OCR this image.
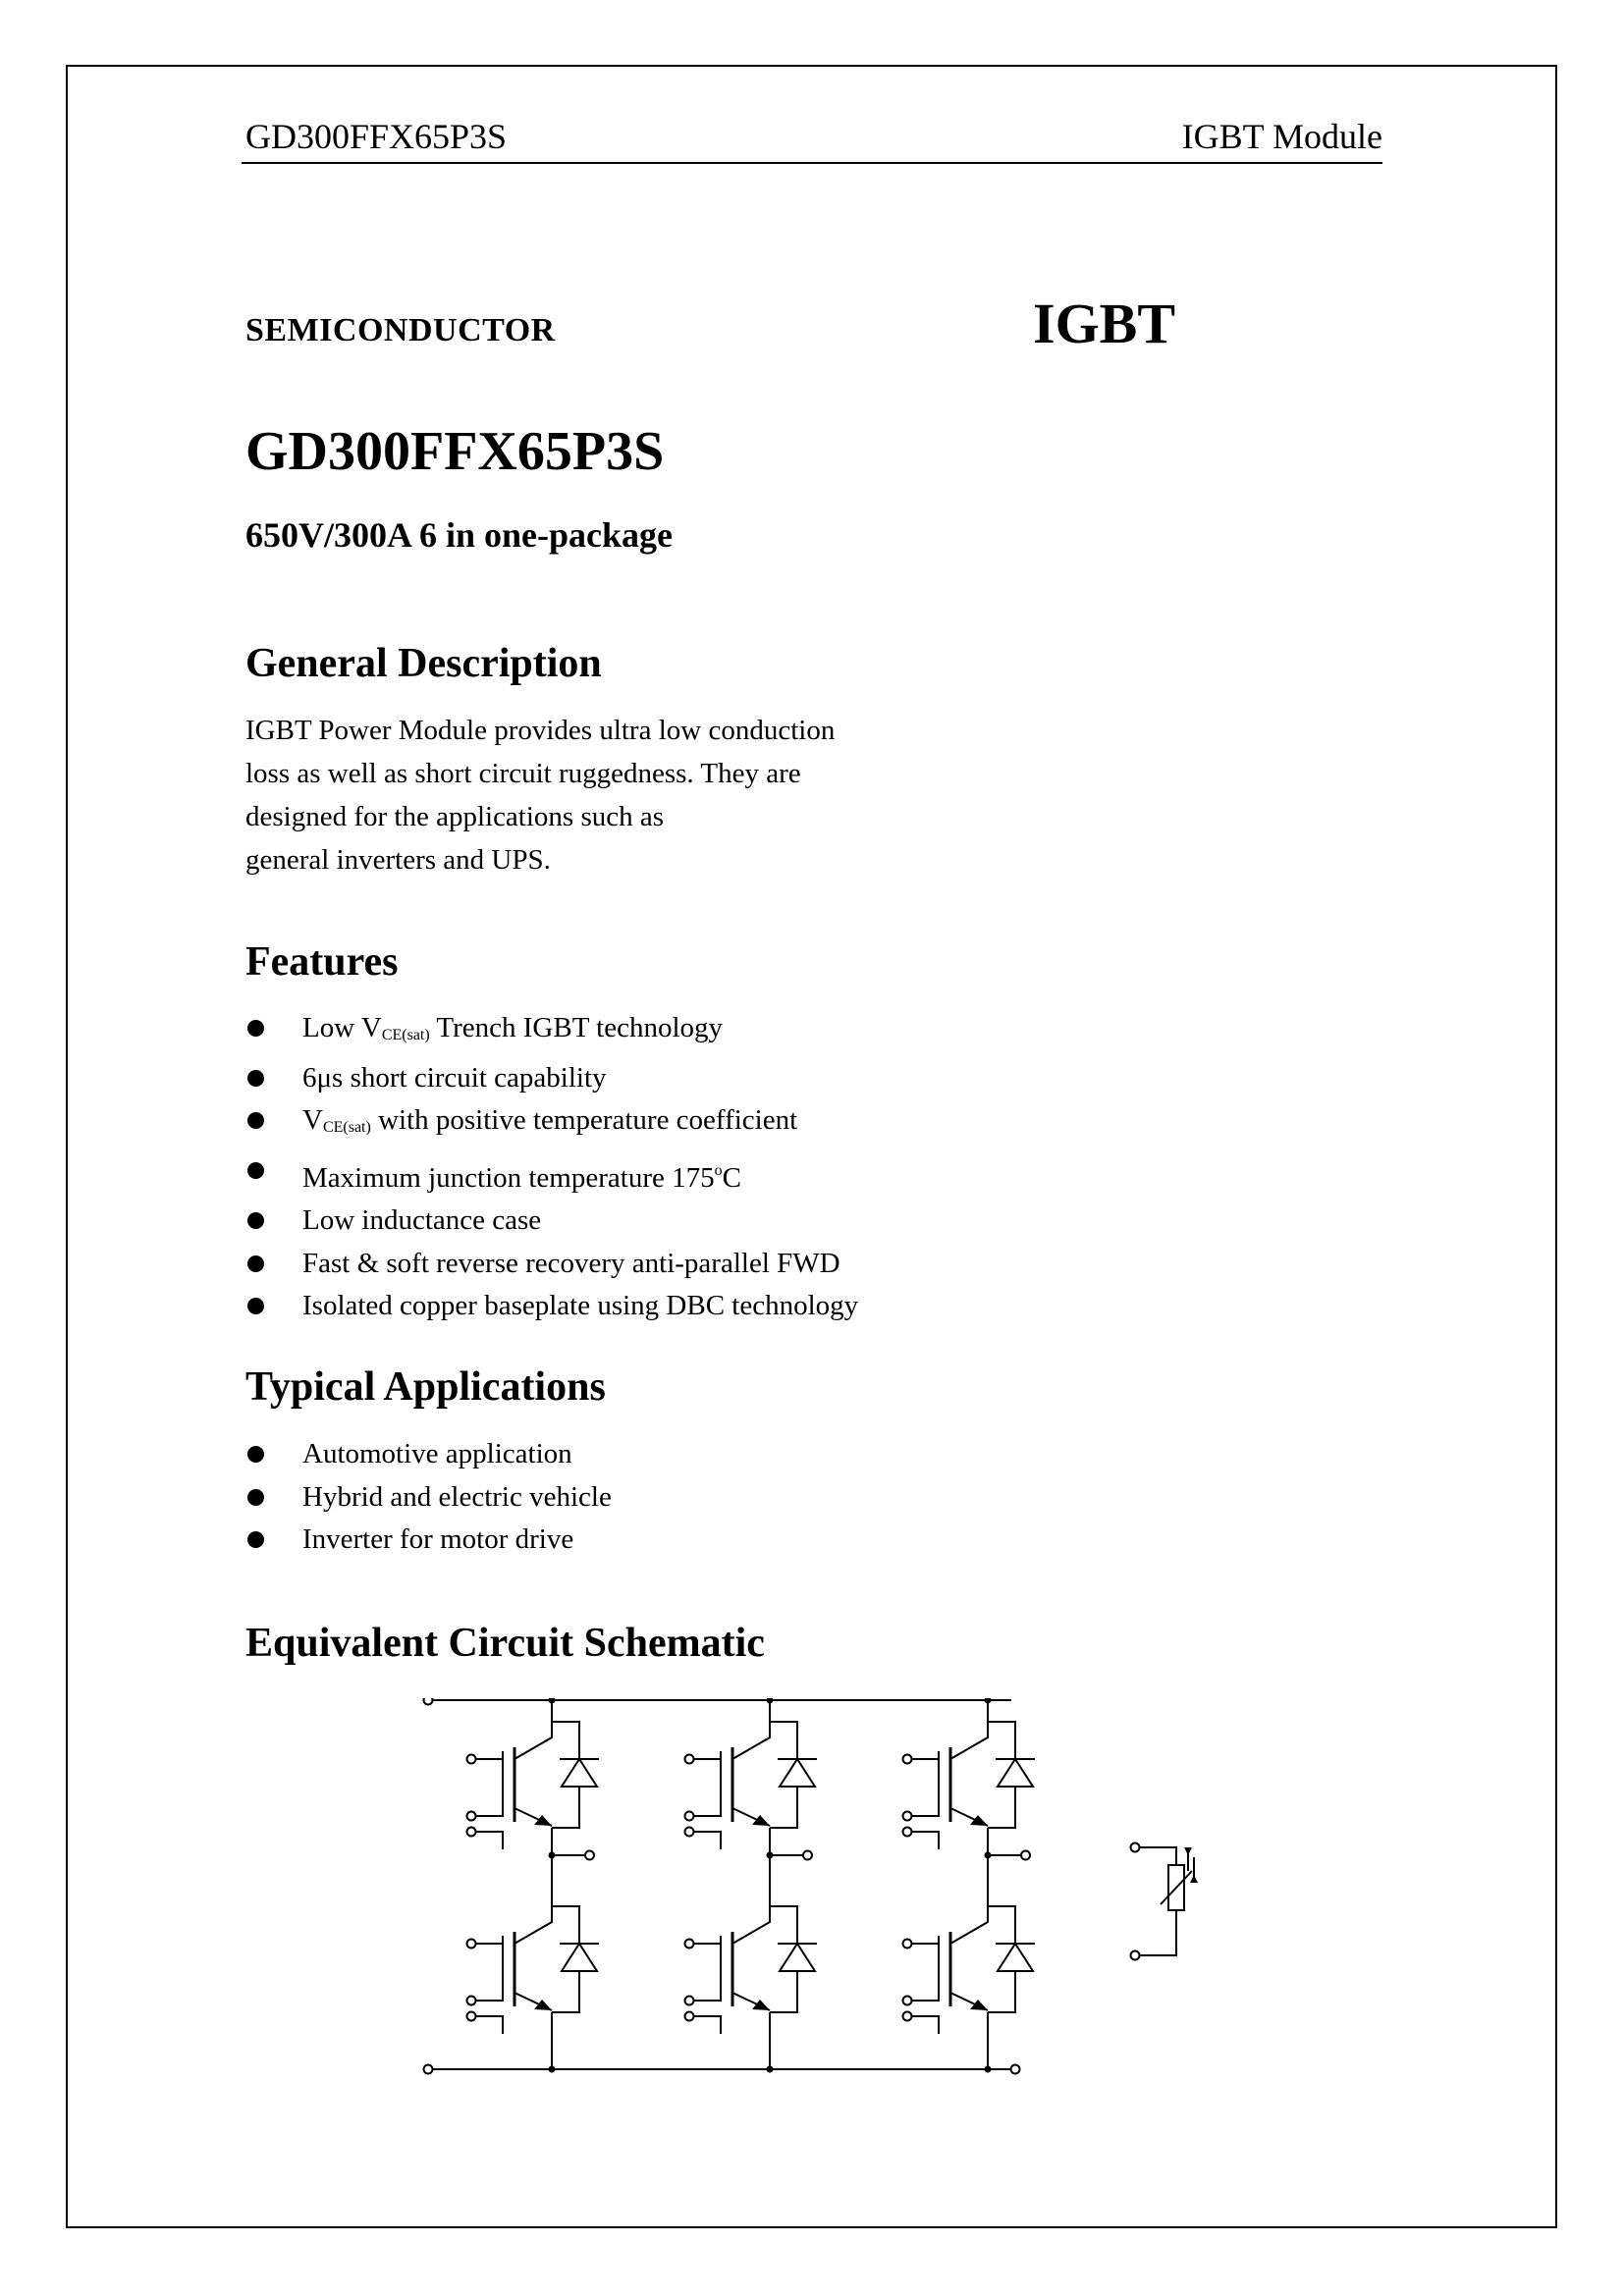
GD300FFX65P3S	IGBT Module
SEMICONDUCTOR	IGBT
GD300FFX65P3S
650V/300A 6 in one-package
General Description
IGBT Power Module provides ultra low conduction
loss as well as short circuit ruggedness. They are
designed for the applications such as
general inverters and UPS.
Features
Low $V_{CE(sat)}$ Trench IGBT technology
6μs short circuit capability
$V_{CE(sat)}$ with positive temperature coefficient
Maximum junction temperature 175$^o$C
Low inductance case
Fast & soft reverse recovery anti-parallel FWD
Isolated copper baseplate using DBC technology
Typical Applications
Automotive application
Hybrid and electric vehicle
Inverter for motor drive
Equivalent Circuit Schematic
